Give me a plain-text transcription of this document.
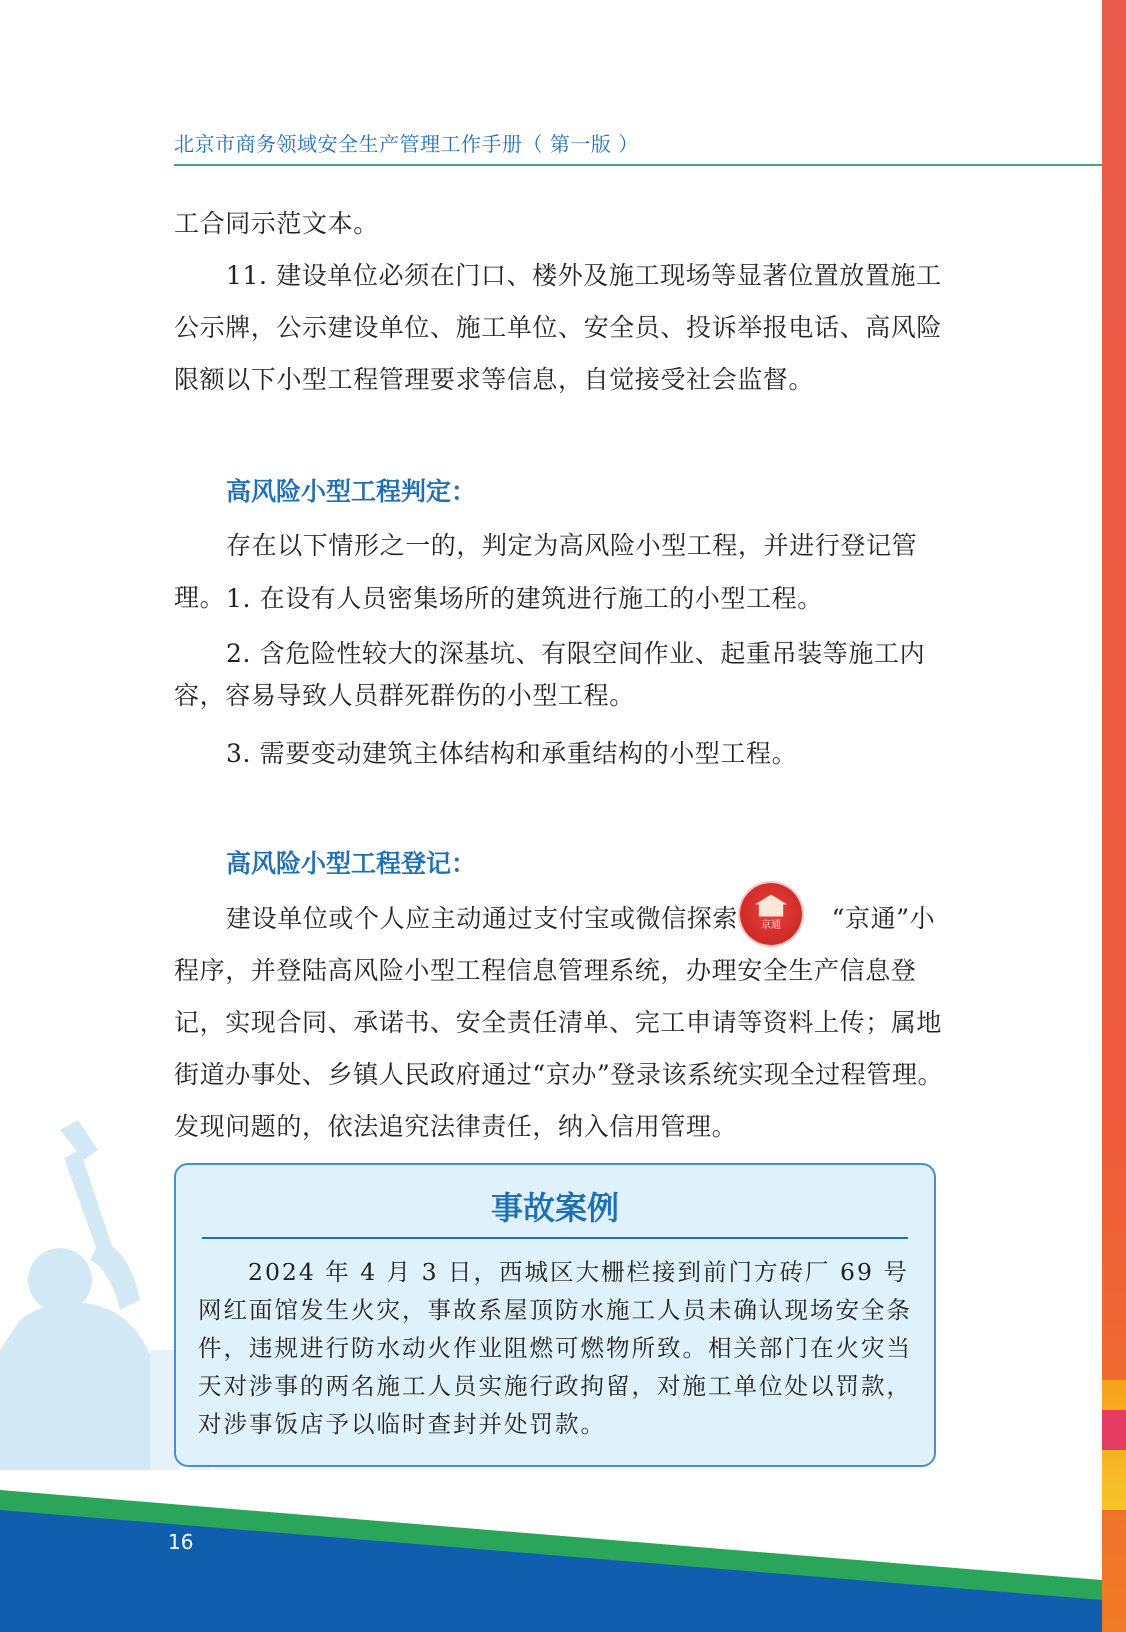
北京市商务领域安全生产管理工作手册（ 第一版 ）

工合同示范文本。

11. 建设单位必须在门口、楼外及施工现场等显著位置放置施工公示牌，公示建设单位、施工单位、安全员、投诉举报电话、高风险限额以下小型工程管理要求等信息，自觉接受社会监督。

高风险小型工程判定：

存在以下情形之一的，判定为高风险小型工程，并进行登记管理。 1. 在设有人员密集场所的建筑进行施工的小型工程。

2. 含危险性较大的深基坑、有限空间作业、起重吊装等施工内容，容易导致人员群死群伤的小型工程。

3. 需要变动建筑主体结构和承重结构的小型工程。

高风险小型工程登记：

建设单位或个人应主动通过支付宝或微信探索	京通	　“京通”小程序，并登陆高风险小型工程信息管理系统，办理安全生产信息登记，实现合同、承诺书、安全责任清单、完工申请等资料上传；属地街道办事处、乡镇人民政府通过“京办”登录该系统实现全过程管理。发现问题的，依法追究法律责任，纳入信用管理。

事故案例

2024 年 4 月 3 日，西城区大栅栏接到前门方砖厂 69 号网红面馆发生火灾，事故系屋顶防水施工人员未确认现场安全条件，违规进行防水动火作业阻燃可燃物所致。相关部门在火灾当天对涉事的两名施工人员实施行政拘留，对施工单位处以罚款，对涉事饭店予以临时查封并处罚款。

16
